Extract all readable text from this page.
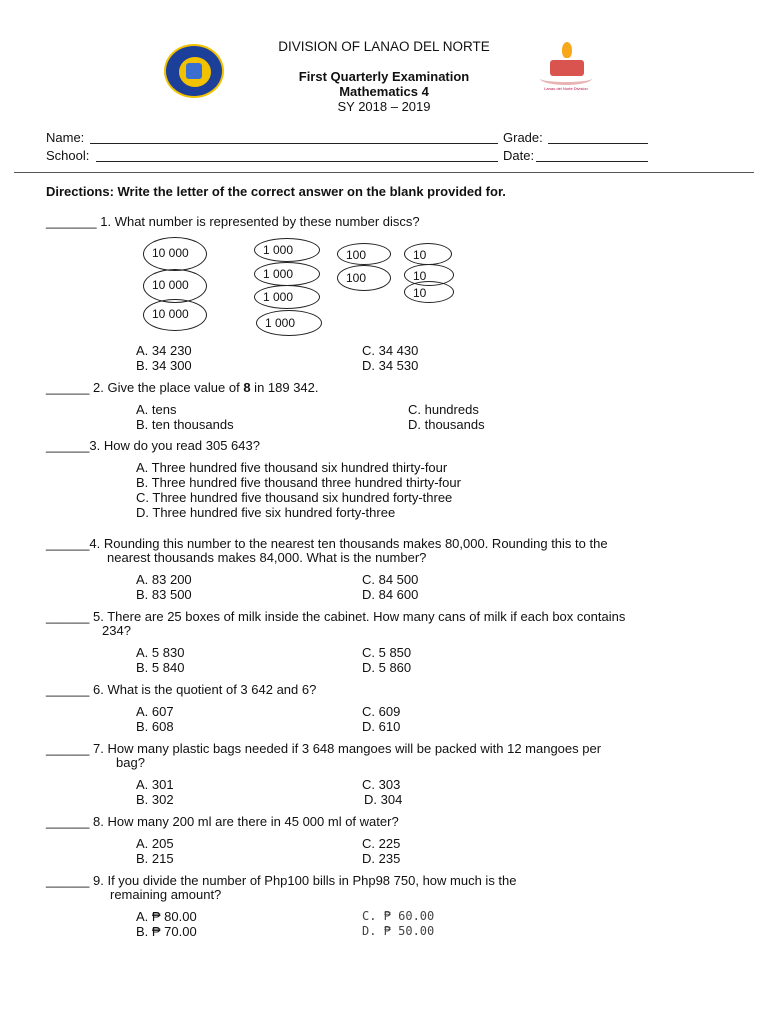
DIVISION OF LANAO DEL NORTE
First Quarterly Examination
Mathematics 4
SY 2018 – 2019
Lanao del Norte Division
Name:	Grade:
School:	Date:
Directions: Write the letter of the correct answer on the blank provided for.
_______ 1. What number is represented by these number discs?
10 000
10 000
10 000
1 000
1 000
1 000
1 000
100
100
10
10
10
A. 34 230
B. 34 300
C. 34 430
D. 34 530
______ 2. Give the place value of 8 in 189 342.
A. tens
B. ten thousands
C. hundreds
D. thousands
______3. How do you read 305 643?
A. Three hundred five thousand six hundred thirty-four
B. Three hundred five thousand three hundred thirty-four
C. Three hundred five thousand six hundred forty-three
D. Three hundred five six hundred forty-three
______4. Rounding this number to the nearest ten thousands makes 80,000. Rounding this to the
nearest thousands makes 84,000. What is the number?
A. 83 200
B. 83 500
C. 84 500
D. 84 600
______ 5. There are 25 boxes of milk inside the cabinet. How many cans of milk if each box contains
234?
A. 5 830
B. 5 840
C. 5 850
D. 5 860
______ 6. What is the quotient of 3 642 and 6?
A. 607
B. 608
C. 609
D. 610
______ 7. How many plastic bags needed if 3 648 mangoes will be packed with 12 mangoes per
bag?
A. 301
B. 302
C. 303
D. 304
______ 8. How many 200 ml are there in 45 000 ml of water?
A. 205
B. 215
C. 225
D. 235
______ 9. If you divide the number of Php100 bills in Php98 750, how much is the
remaining amount?
A. ₱ 80.00
B. ₱ 70.00
C. ₱ 60.00
D. ₱ 50.00
